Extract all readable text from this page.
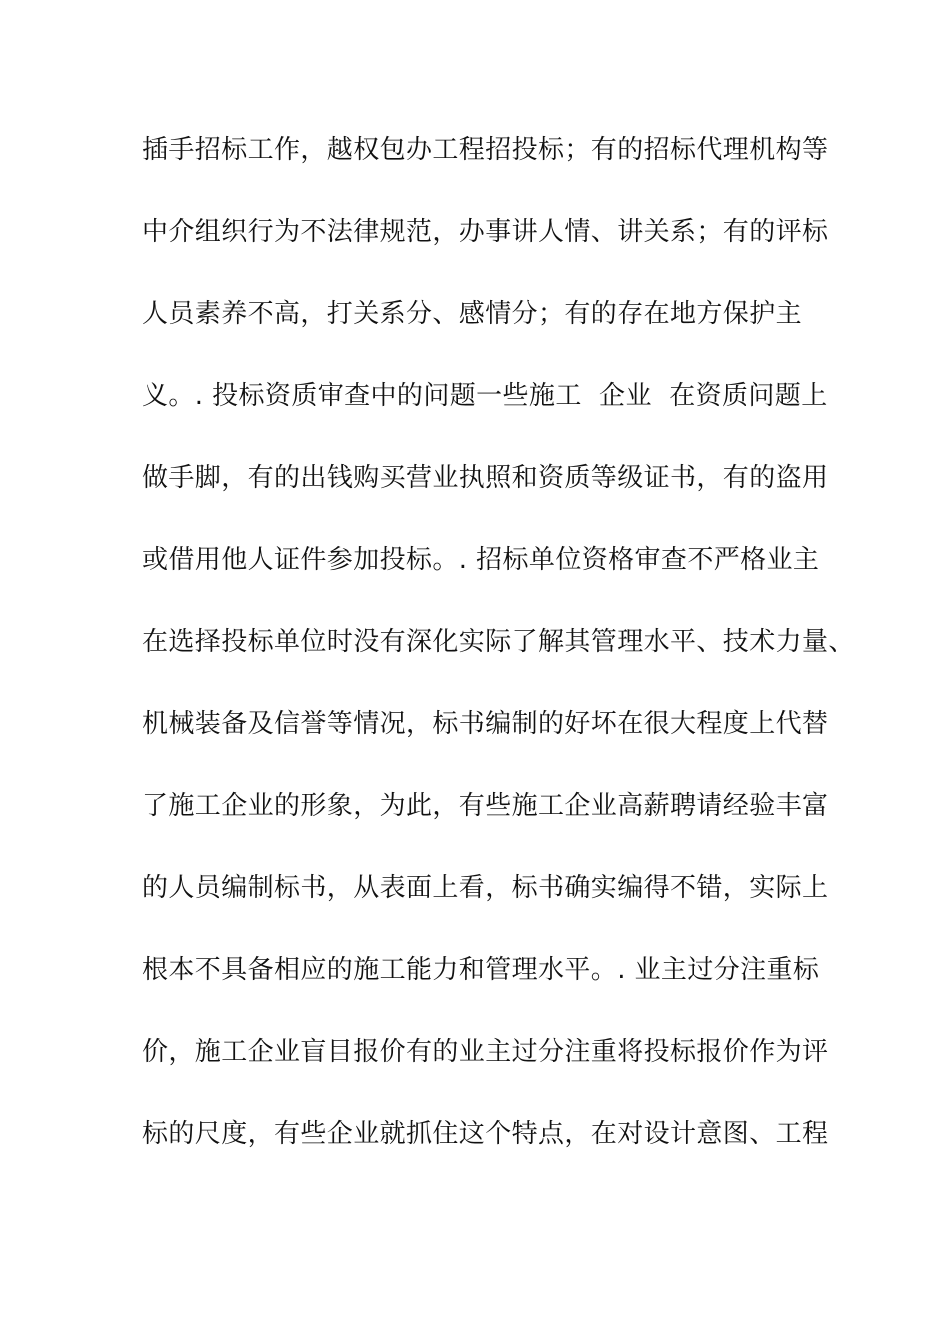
插手招标工作，越权包办工程招投标；有的招标代理机构等
中介组织行为不法律规范，办事讲人情、讲关系；有的评标
人员素养不高，打关系分、感情分；有的存在地方保护主
义。. 投标资质审查中的问题一些施工  企业  在资质问题上
做手脚，有的出钱购买营业执照和资质等级证书，有的盗用
或借用他人证件参加投标。. 招标单位资格审查不严格业主
在选择投标单位时没有深化实际了解其管理水平、技术力量、
机械装备及信誉等情况，标书编制的好坏在很大程度上代替
了施工企业的形象，为此，有些施工企业高薪聘请经验丰富
的人员编制标书，从表面上看，标书确实编得不错，实际上
根本不具备相应的施工能力和管理水平。. 业主过分注重标
价，施工企业盲目报价有的业主过分注重将投标报价作为评
标的尺度，有些企业就抓住这个特点，在对设计意图、工程
